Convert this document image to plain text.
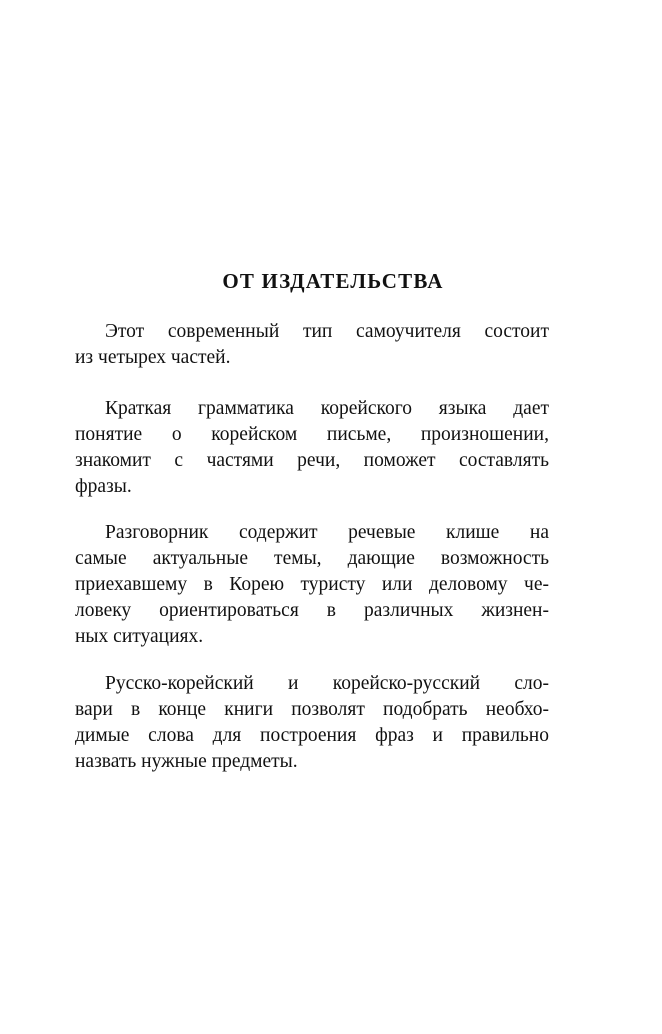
ОТ ИЗДАТЕЛЬСТВА

Этот современный тип самоучителя состоит

из четырех частей.

Краткая грамматика корейского языка дает

понятие о корейском письме, произношении,

знакомит с частями речи, поможет составлять

фразы.

Разговорник содержит речевые клише на

самые актуальные темы, дающие возможность

приехавшему в Корею туристу или деловому че-

ловеку ориентироваться в различных жизнен-

ных ситуациях.

Русско-корейский и корейско-русский сло-

вари в конце книги позволят подобрать необхо-

димые слова для построения фраз и правильно

назвать нужные предметы.
